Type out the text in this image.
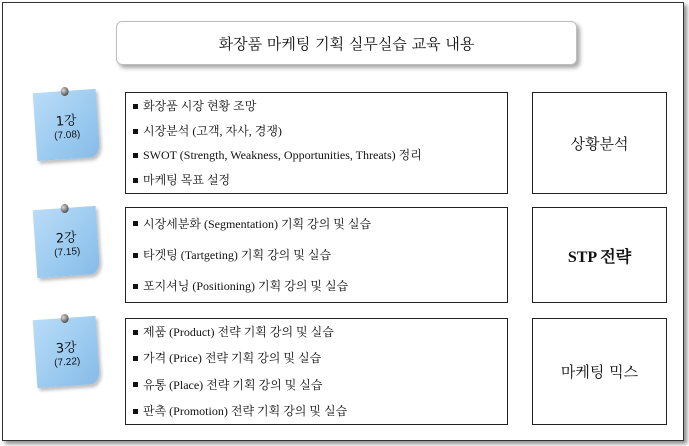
화장품 마케팅 기획 실무실습 교육 내용
1강
(7.08)
화장품 시장 현황 조망
시장분석 (고객, 자사, 경쟁)
SWOT (Strength, Weakness, Opportunities, Threats) 정리
마케팅 목표 설정
상황분석
2강
(7.15)
시장세분화 (Segmentation) 기획 강의 및 실습
타겟팅 (Tartgeting) 기획 강의 및 실습
포지셔닝 (Positioning) 기획 강의 및 실습
STP 전략
3강
(7.22)
제품 (Product) 전략 기획 강의 및 실습
가격 (Price) 전략 기획 강의 및 실습
유통 (Place) 전략 기획 강의 및 실습
판촉 (Promotion) 전략 기획 강의 및 실습
마케팅 믹스
